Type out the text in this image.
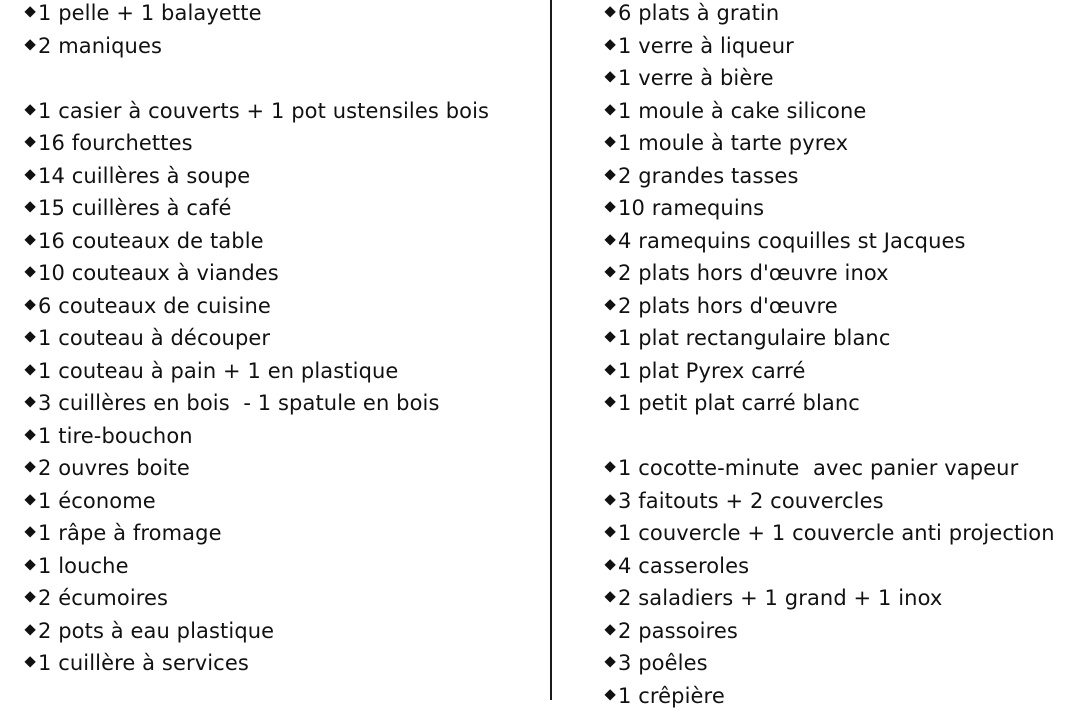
1 pelle + 1 balayette
2 maniques
1 casier à couverts + 1 pot ustensiles bois
16 fourchettes
14 cuillères à soupe
15 cuillères à café
16 couteaux de table
10 couteaux à viandes
6 couteaux de cuisine
1 couteau à découper
1 couteau à pain + 1 en plastique
3 cuillères en bois  - 1 spatule en bois
1 tire-bouchon
2 ouvres boite
1 économe
1 râpe à fromage
1 louche
2 écumoires
2 pots à eau plastique
1 cuillère à services
6 plats à gratin
1 verre à liqueur
1 verre à bière
1 moule à cake silicone
1 moule à tarte pyrex
2 grandes tasses
10 ramequins
4 ramequins coquilles st Jacques
2 plats hors d'œuvre inox
2 plats hors d'œuvre
1 plat rectangulaire blanc
1 plat Pyrex carré
1 petit plat carré blanc
1 cocotte-minute  avec panier vapeur
3 faitouts + 2 couvercles
1 couvercle + 1 couvercle anti projection
4 casseroles
2 saladiers + 1 grand + 1 inox
2 passoires
3 poêles
1 crêpière
